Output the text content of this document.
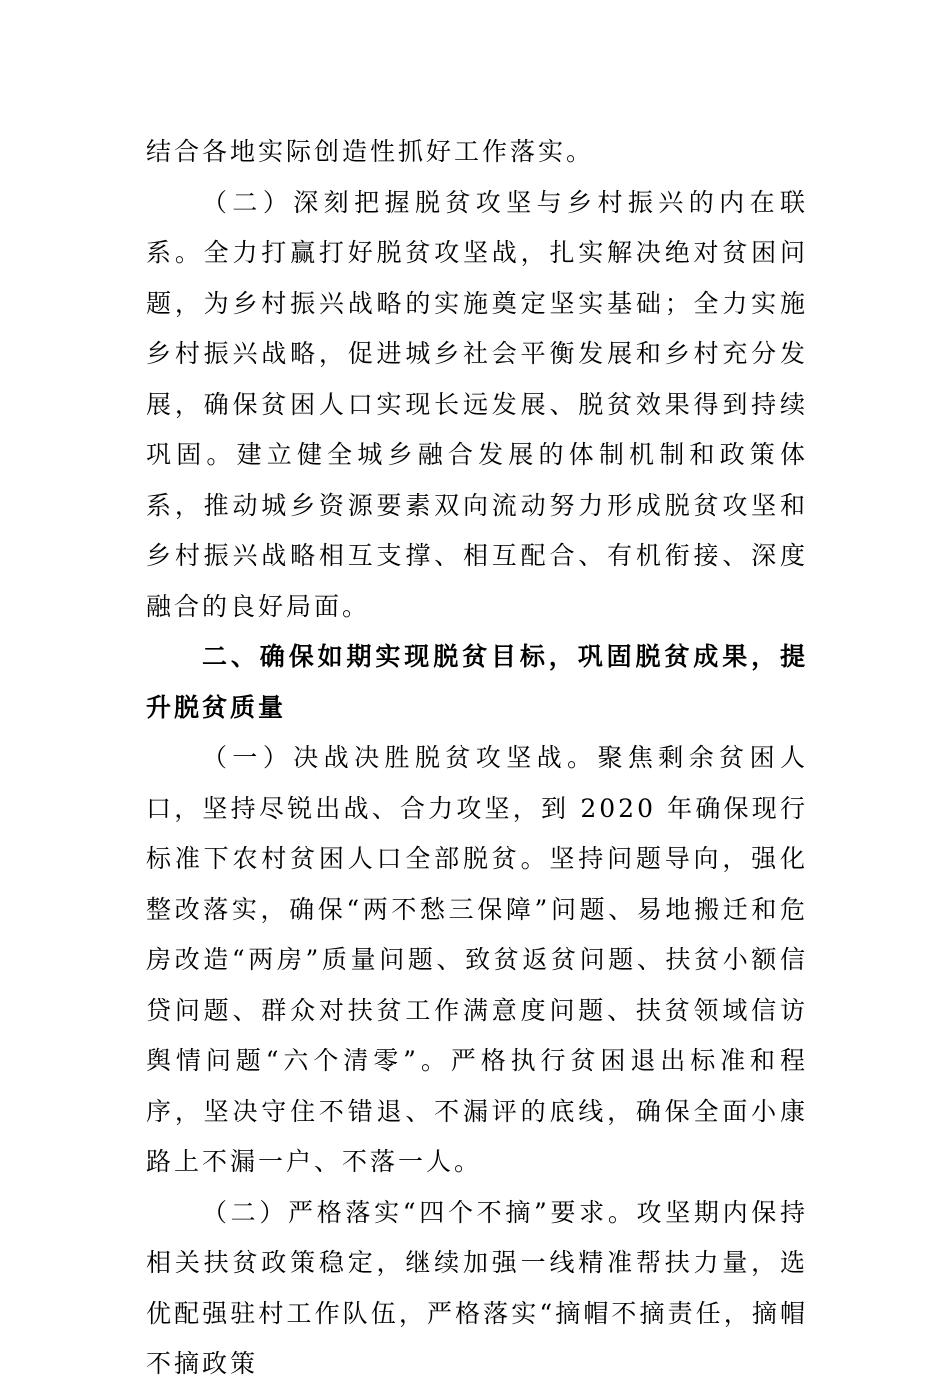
结合各地实际创造性抓好工作落实。

（二）深刻把握脱贫攻坚与乡村振兴的内在联系。全力打赢打好脱贫攻坚战，扎实解决绝对贫困问题，为乡村振兴战略的实施奠定坚实基础；全力实施乡村振兴战略，促进城乡社会平衡发展和乡村充分发展，确保贫困人口实现长远发展、脱贫效果得到持续巩固。建立健全城乡融合发展的体制机制和政策体系，推动城乡资源要素双向流动努力形成脱贫攻坚和乡村振兴战略相互支撑、相互配合、有机衔接、深度融合的良好局面。

二、确保如期实现脱贫目标，巩固脱贫成果，提升脱贫质量

（一）决战决胜脱贫攻坚战。聚焦剩余贫困人口，坚持尽锐出战、合力攻坚，到 2020 年确保现行标准下农村贫困人口全部脱贫。坚持问题导向，强化整改落实，确保“两不愁三保障”问题、易地搬迁和危房改造“两房”质量问题、致贫返贫问题、扶贫小额信贷问题、群众对扶贫工作满意度问题、扶贫领域信访舆情问题“六个清零”。严格执行贫困退出标准和程序，坚决守住不错退、不漏评的底线，确保全面小康路上不漏一户、不落一人。

（二）严格落实“四个不摘”要求。攻坚期内保持相关扶贫政策稳定，继续加强一线精准帮扶力量，选优配强驻村工作队伍，严格落实“摘帽不摘责任，摘帽不摘政策
